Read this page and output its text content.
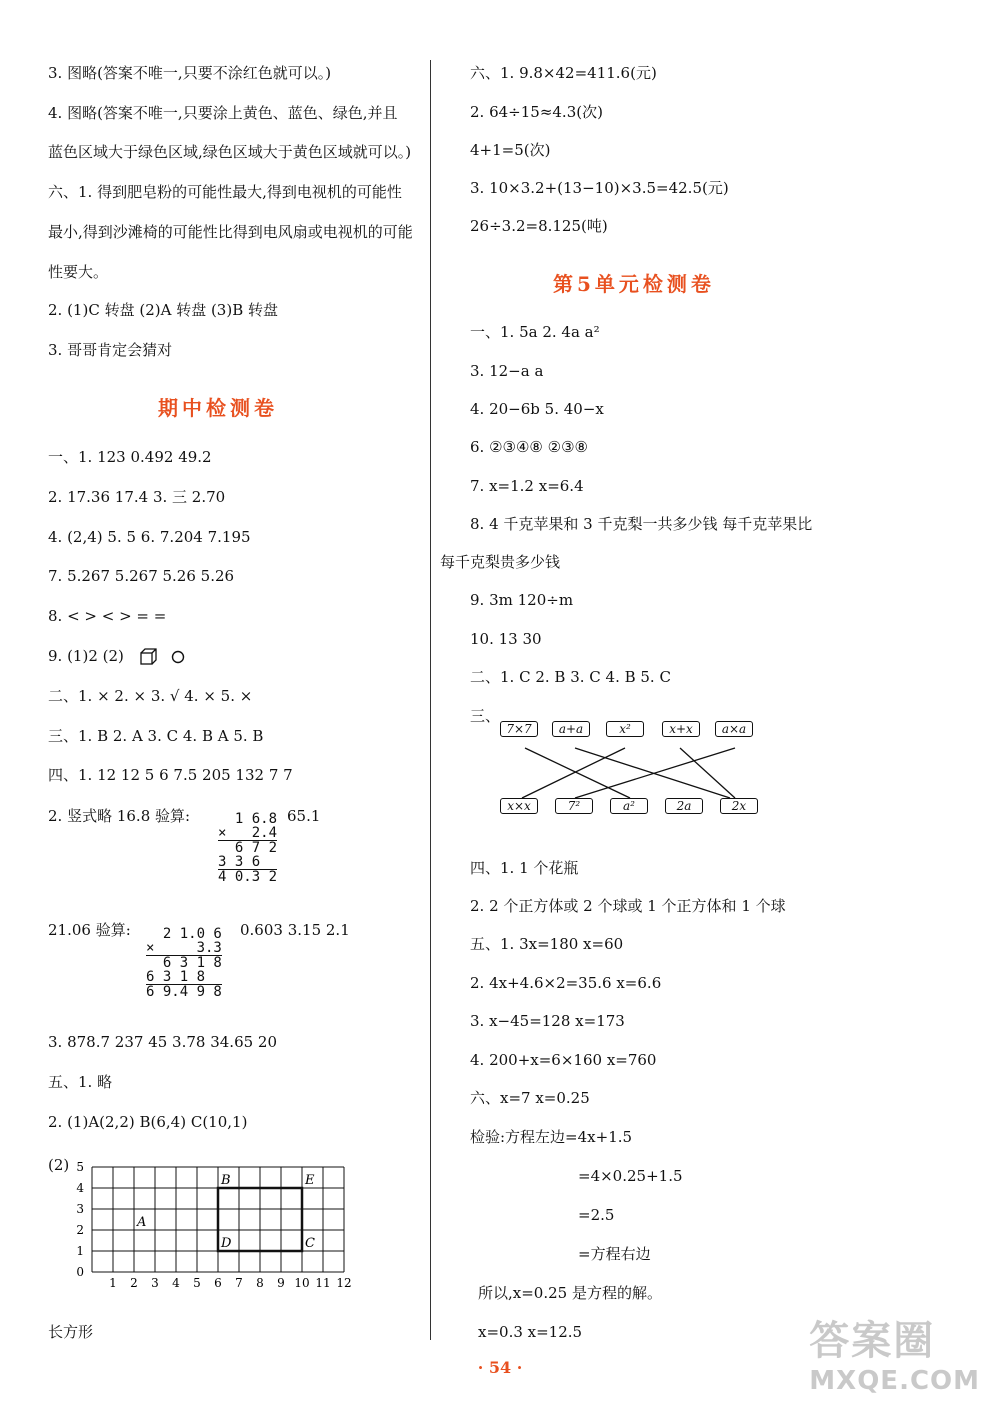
3. 图略(答案不唯一,只要不涂红色就可以。)
4. 图略(答案不唯一,只要涂上黄色、蓝色、绿色,并且
蓝色区域大于绿色区域,绿色区域大于黄色区域就可以。)
六、1. 得到肥皂粉的可能性最大,得到电视机的可能性
最小,得到沙滩椅的可能性比得到电风扇或电视机的可能
性要大。
2. (1)C 转盘 (2)A 转盘 (3)B 转盘
3. 哥哥肯定会猜对
期中检测卷
一、1. 123 0.492 49.2
2. 17.36 17.4 3. 三 2.70
4. (2,4) 5. 5 6. 7.204 7.195
7. 5.267 5.267 5.26 5.26
8. < > < > = =
9. (1)2 (2)
二、1. × 2. × 3. √ 4. × 5. ×
三、1. B 2. A 3. C 4. B A 5. B
四、1. 12 12 5 6 7.5 205 132 7 7
2. 竖式略 16.8 验算:	65.1
1 6.8
×   2.4
6 7 2
3 3 6
4 0.3 2
21.06 验算:	0.603 3.15 2.1
2 1.0 6
×     3.3
6 3 1 8
6 3 1 8
6 9.4 9 8
3. 878.7 237 45 3.78 34.65 20
五、1. 略
2. (1)A(2,2) B(6,4) C(10,1)
(2)
1 2 3 4 5 6 7 8 9 10 11 12
0
1
2
3
4
5
A
B
C
D
E
长方形
六、1. 9.8×42=411.6(元)
2. 64÷15≈4.3(次)
4+1=5(次)
3. 10×3.2+(13−10)×3.5=42.5(元)
26÷3.2=8.125(吨)
第5单元检测卷
一、1. 5a 2. 4a a²
3. 12−a a
4. 20−6b 5. 40−x
6. ②③④⑧ ②③⑧
7. x=1.2 x=6.4
8. 4 千克苹果和 3 千克梨一共多少钱 每千克苹果比
每千克梨贵多少钱
9. 3m 120÷m
10. 13 30
二、1. C 2. B 3. C 4. B 5. C
三、
7×7	a+a	x²	x+x	a×a
x×x	7²	a²	2a	2x
四、1. 1 个花瓶
2. 2 个正方体或 2 个球或 1 个正方体和 1 个球
五、1. 3x=180 x=60
2. 4x+4.6×2=35.6 x=6.6
3. x−45=128 x=173
4. 200+x=6×160 x=760
六、x=7 x=0.25
检验:方程左边=4x+1.5
=4×0.25+1.5
=2.5
=方程右边
所以,x=0.25 是方程的解。
x=0.3 x=12.5
· 54 ·
答案圈
MXQE.COM
